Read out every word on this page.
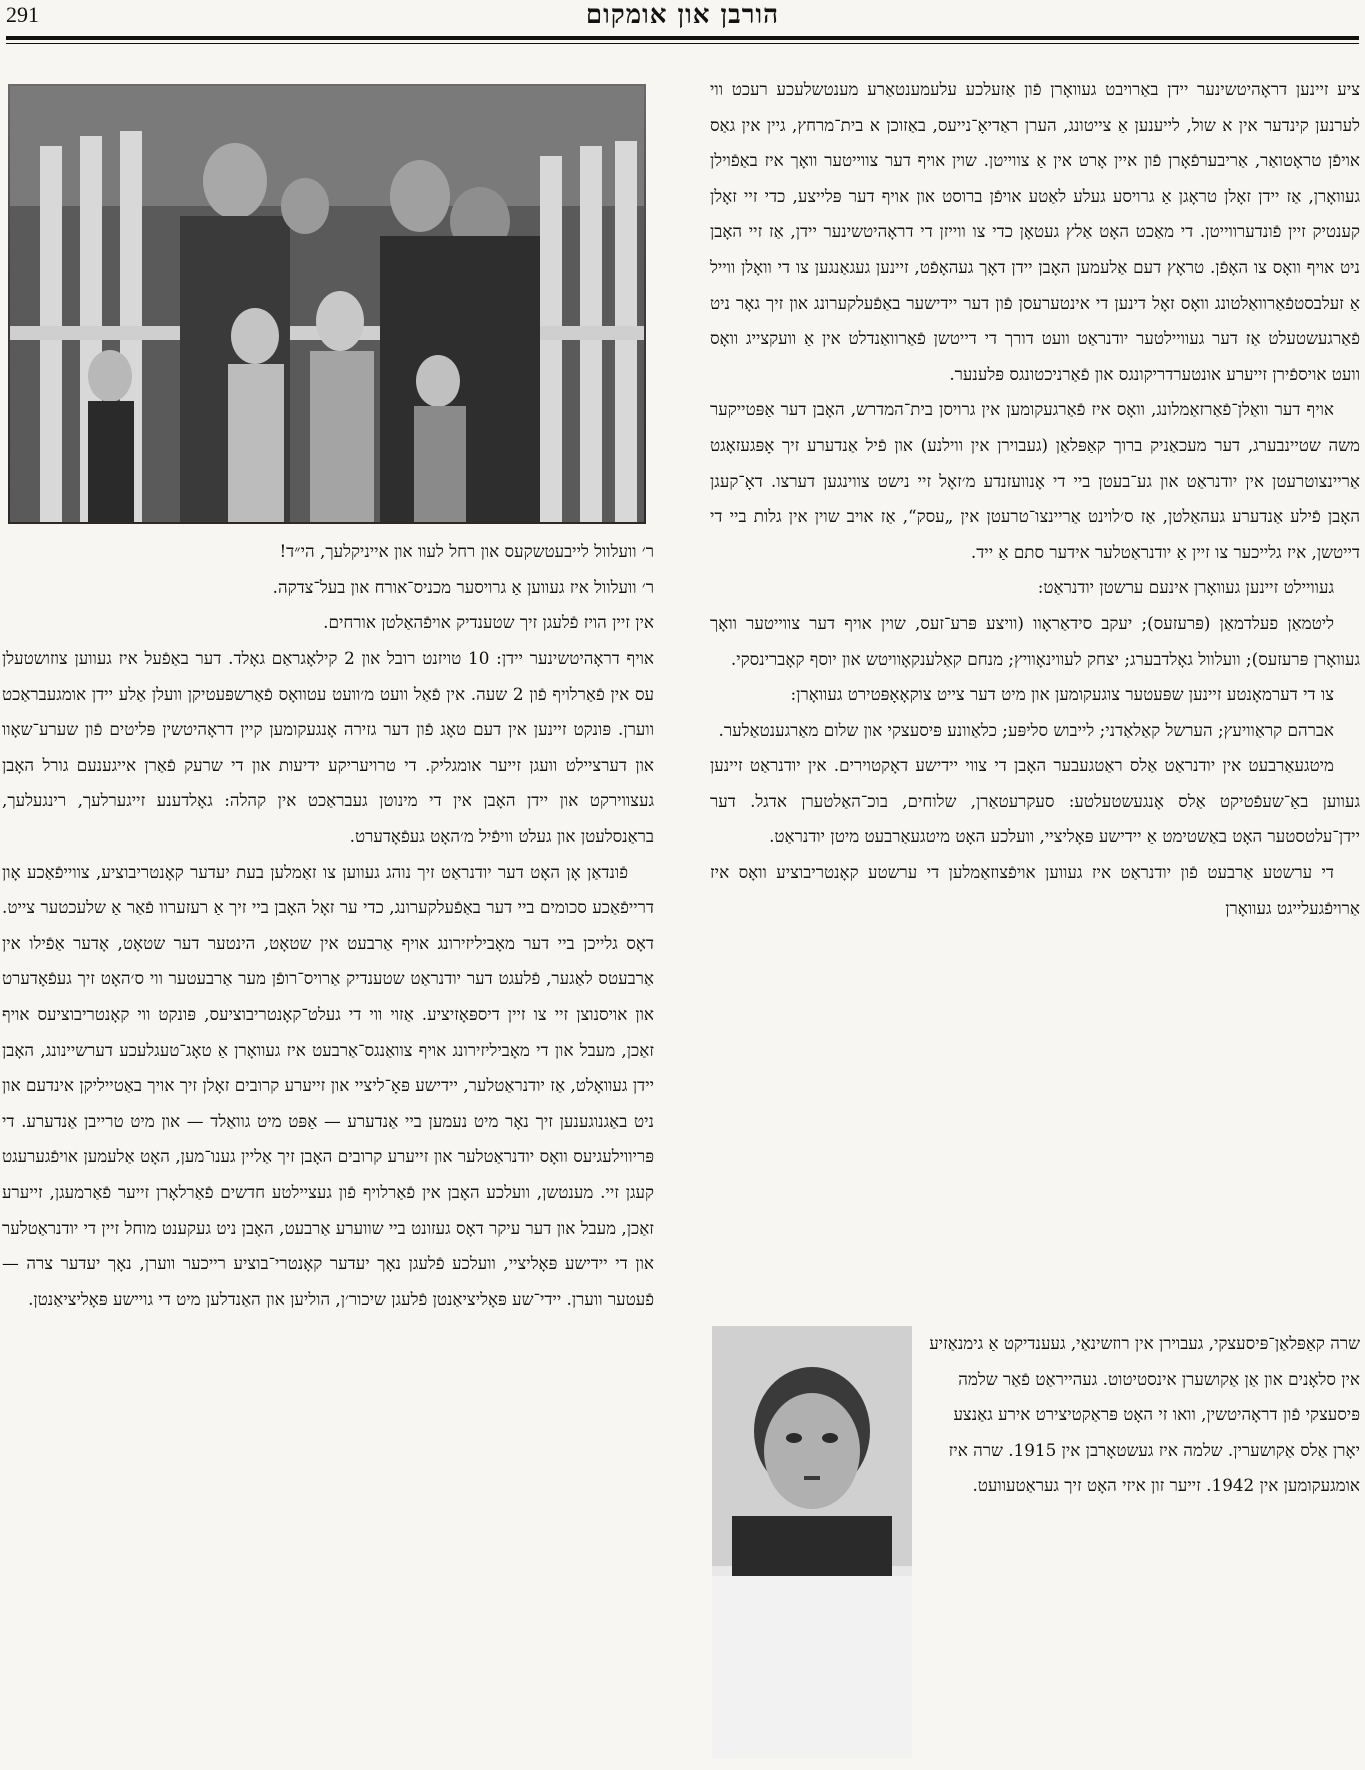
291	הורבן און אומקום

ציע זיינען דראָהיטשינער יידן באַרויבט געוואָרן פֿון אַזעלכע עלעמענטאַרע מענטשלעכע רעכט ווי לערנען קינדער אין א שול, לייענען אַ צייטונג, הערן ראַדיאָ־נייעס, באַזוכן א בית־מרחץ, גיין אין גאַס אויפֿן טראָטואַר, אַריבערפֿאָרן פֿון איין אָרט אין אַ צווייטן. שוין אויף דער צווייטער וואָך איז באַפֿוילן געוואָרן, אַז יידן זאָלן טראָגן אַ גרויסע געלע לאַטע אויפֿן ברוסט און אויף דער פּלייצע, כדי זיי זאָלן קענטיק זיין פֿונדערווייטן. די מאַכט האָט אַלץ געטאָן כדי צו ווייזן די דראָהיטשינער יידן, אַז זיי האָבן ניט אויף וואָס צו האָפֿן. טראָץ דעם אַלעמען האָבן יידן דאָך געהאָפֿט, זיינען געגאַנגען צו די וואָלן ווייל אַ זעלבסטפֿאַרוואַלטונג וואָס זאָל דינען די אינטערעסן פֿון דער יידישער באַפֿעלקערונג און זיך גאָר ניט פֿאַרגעשטעלט אַז דער געוויילטער יודנראַט וועט דורך די דייטשן פֿאַרוואַנדלט אין אַ וועקצייג וואָס וועט אויספֿירן זייערע אונטערדריקונגס און פֿאַרניכטונגס פּלענער.

אויף דער וואַלן־פֿאַרזאַמלונג, וואָס איז פֿאַרגעקומען אין גרויסן בית־המדרש, האָבן דער אַפּטייקער משה שטיינבערג, דער מעכאַניק ברוך קאַפּלאַן (געבוירן אין ווילנע) און פֿיל אַנדערע זיך אָפּגעזאָגט אַריינצוטרעטן אין יודנראַט און גע־בעטן ביי די אָנוועזנדע מ׳זאָל זיי נישט צווינגען דערצו. דאָ־קעגן האָבן פֿילע אַנדערע געהאַלטן, אַז ס׳לוינט אַריינצו־טרעטן אין „עסק“, אַז אויב שוין אין גלות ביי די דייטשן, איז גלייכער צו זיין אַ יודנראַטלער אידער סתם אַ ייד.

געוויילט זיינען געוואָרן אינעם ערשטן יודנראַט:

ליטמאַן פעלדמאַן (פּרעזעס); יעקב סידאַראָוו (וויצע פּרע־זעס, שוין אויף דער צווייטער וואָך געוואָרן פּרעזעס); וועלוול גאָלדבערג; יצחק לעווינאָוויץ; מנחם קאַלענקאָוויטש און יוסף קאָברינסקי.

צו די דערמאָנטע זיינען שפּעטער צוגעקומען און מיט דער צייט צוקאָאָפּטירט געוואָרן:

אברהם קראַוויעץ; הערשל קאַלאַדני; לייבוש סליפּע; כלאַוונע פּיסעצקי און שלום מאַרגענטאַלער.

מיטגעאַרבעט אין יודנראַט אַלס ראַטגעבער האָבן די צווי יידישע דאָקטוירים. אין יודנראַט זיינען געווען באַ־שעפֿטיקט אַלס אָנגעשטעלטע: סעקרעטאַרן, שלוחים, בוכ־האַלטערן אדגל. דער יידן־עלטסטער האָט באַשטימט אַ יידישע פּאָליציי, וועלכע האָט מיטגעאַרבעט מיטן יודנראַט.

די ערשטע אַרבעט פֿון יודנראַט איז געווען אויפֿצוזאַמלען די ערשטע קאָנטריבוציע וואָס איז אַרויפֿגעלייגט געוואָרן

ר׳ וועלוול לייבעטשקעס און רחל לעוו און אייניקלעך, הי״ד!

ר׳ וועלוול איז געווען אַ גרויסער מכניס־אורח און בעל־צדקה.

אין זיין הויז פֿלעגן זיך שטענדיק אויפֿהאַלטן אורחים.

אויף דראָהיטשינער יידן: 10 טויזנט רובל און 2 קילאָגראַם גאָלד. דער באַפֿעל איז געווען צוזושטעלן עס אין פֿאַרלויף פֿון 2 שעה. אין פֿאַל וועט מ׳וועט עטוואָס פֿאַרשפּעטיקן וועלן אַלע יידן אומגעבראַכט ווערן. פּונקט זיינען אין דעם טאָג פֿון דער גזירה אָנגעקומען קיין דראָהיטשין פּליטים פֿון שערע־שאָוו און דערציילט וועגן זייער אומגליק. די טרויעריקע ידיעות און די שרעק פֿאַרן אייגענעם גורל האָבן געצווירקט און יידן האָבן אין די מינוטן געבראַכט אין קהלה: גאָלדענע זייגערלעך, רינגעלעך, בראַנסלעטן און געלט וויפֿיל מ׳האָט געפֿאָדערט.

פֿונדאַן אָן האָט דער יודנראַט זיך נוהג געווען צו זאַמלען בעת יעדער קאָנטריבוציע, צווייפֿאַכע אָון דרייפֿאַכע סכומים ביי דער באַפֿעלקערונג, כדי ער זאָל האָבן ביי זיך אַ רעזערוו פֿאַר אַ שלעכטער צייט. דאָס גלייכן ביי דער מאָביליזירונג אויף אַרבעט אין שטאָט, הינטער דער שטאָט, אָדער אַפֿילו אין אַרבעטס לאַגער, פֿלעגט דער יודנראַט שטענדיק אַרויס־רופֿן מער אַרבעטער ווי ס׳האָט זיך געפֿאָדערט און אויסנוצן זיי צו זיין דיספּאָזיציע. אַזוי ווי די געלט־קאָנטריבוציעס, פּונקט ווי קאָנטריבוציעס אויף זאַכן, מעבל און די מאָביליזירונג אויף צוואַנגס־אַרבעט איז געוואָרן אַ טאָג־טעגלעכע דערשיינונג, האָבן יידן געוואָלט, אַז יודנראַטלער, יידישע פּאָ־ליציי און זייערע קרובים זאָלן זיך אויך באַטייליקן אינדעם און ניט באַגנוגענען זיך נאָר מיט נעמען ביי אַנדערע — אַפּט מיט גוואַלד — און מיט טרייבן אַנדערע. די פּריווילעגיעס וואָס יודנראַטלער און זייערע קרובים האָבן זיך אַליין גענו־מען, האָט אַלעמען אויפֿגערעגט קעגן זיי. מענטשן, וועלכע האָבן אין פֿאַרלויף פֿון געציילטע חדשים פֿאַרלאָרן זייער פֿאַרמעגן, זייערע זאַכן, מעבל און דער עיקר דאָס געזונט ביי שווערע אַרבעט, האָבן ניט געקענט מוחל זיין די יודנראַטלער און די יידישע פּאָליציי, וועלכע פֿלעגן נאָך יעדער קאָנטרי־בוציע רייכער ווערן, נאָך יעדער צרה — פֿעטער ווערן. יידי־שע פּאָליציאַנטן פֿלעגן שיכור׳ן, הוליען און האַנדלען מיט די גויישע פּאָליציאַנטן.

שרה קאַפּלאַן־פּיסעצקי, געבוירן אין רוזשינאַי, געענדיקט אַ גימנאַזיע אין סלאָנים און אַן אַקושערן אינסטיטוט. געהייראַט פֿאַר שלמה פּיסעצקי פֿון דראָהיטשין, וואו זי האָט פּראַקטיצירט אירע גאַנצע יאָרן אַלס אַקושערין. שלמה איז געשטאָרבן אין 1915. שרה איז אומגעקומען אין 1942. זייער זון איזי האָט זיך געראַטעוועט.
